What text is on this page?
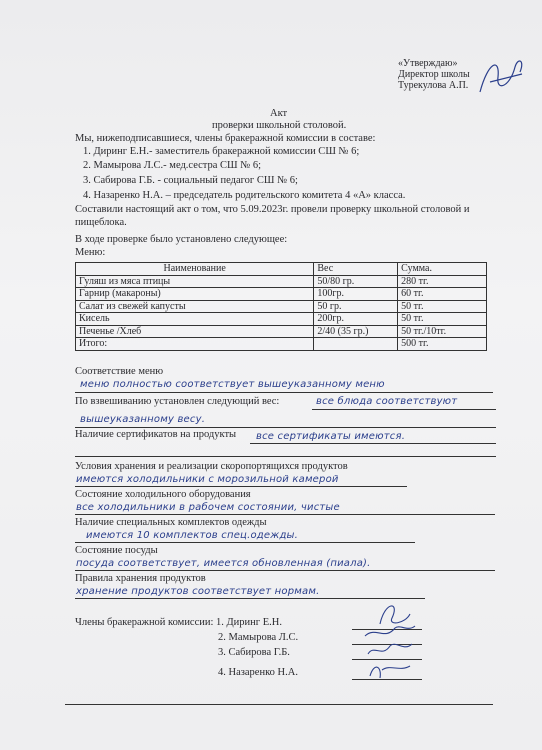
«Утверждаю»
Директор школы
Турекулова А.П.
Акт
проверки школьной столовой.
Мы, нижеподписавшиеся, члены бракеражной комиссии в составе:
1. Диринг Е.Н.- заместитель бракеражной комиссии СШ № 6;
2. Мамырова Л.С.- мед.сестра СШ № 6;
3. Сабирова Г.Б. - социальный педагог СШ № 6;
4. Назаренко Н.А. – председатель родительского комитета 4 «А» класса.
Составили настоящий акт о том, что 5.09.2023г. провели проверку школьной столовой и
пищеблока.
В ходе проверке было установлено следующее:
Меню:
Наименование	Вес	Сумма.
Гуляш из мяса птицы	50/80 гр.	280 тг.
Гарнир (макароны)	100гр.	60 тг.
Салат из свежей капусты	50 гр.	50 тг.
Кисель	200гр.	50 тг.
Печенье /Хлеб	2/40 (35 гр.)	50 тг./10тг.
Итого:		500 тг.
Соответствие меню
меню полностью соответствует вышеуказанному меню
По взвешиванию установлен следующий вес:	все блюда соответствуют
вышеуказанному весу.
Наличие сертификатов на продукты все сертификаты имеются.
Условия хранения и реализации скоропортящихся продуктов
имеются холодильники с морозильной камерой
Состояние холодильного оборудования
все холодильники в рабочем состоянии, чистые
Наличие специальных комплектов одежды
имеются 10 комплектов спец.одежды.
Состояние посуды
посуда соответствует, имеется обновленная (пиала).
Правила хранения продуктов
хранение продуктов соответствует нормам.
Члены бракеражной комиссии: 1. Диринг Е.Н.
2. Мамырова Л.С.
3. Сабирова Г.Б.
4. Назаренко Н.А.
